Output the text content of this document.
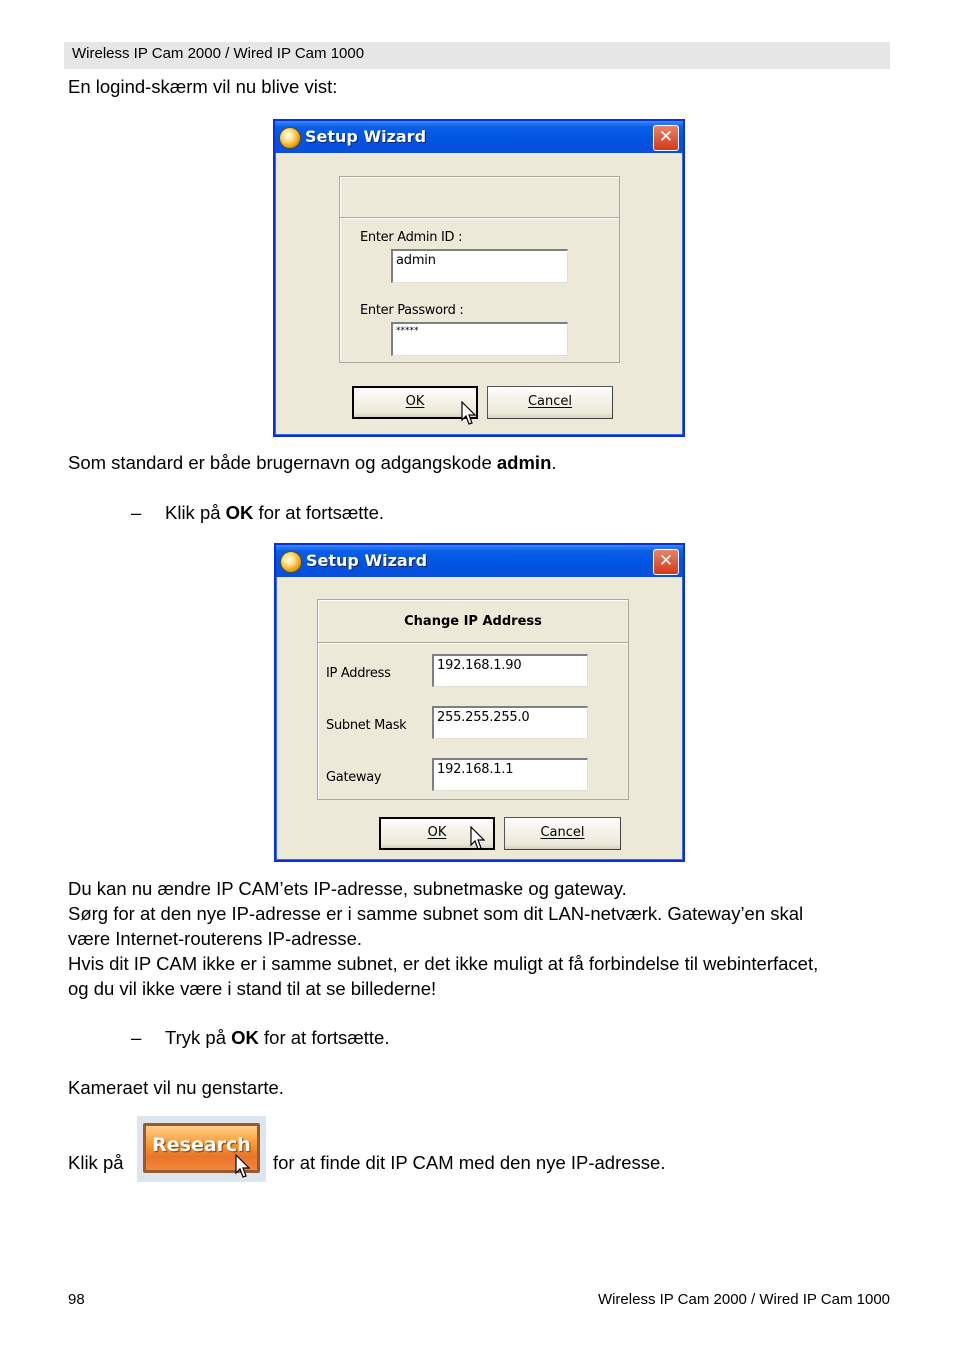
Wireless IP Cam 2000 / Wired IP Cam 1000
En logind-skærm vil nu blive vist:
Setup Wizard	✕
Enter Admin ID :
admin
Enter Password :
*****
OK	Cancel
Som standard er både brugernavn og adgangskode admin.
– Klik på OK for at fortsætte.
Setup Wizard	✕
Change IP Address
IP Address
192.168.1.90
Subnet Mask
255.255.255.0
Gateway
192.168.1.1
OK	Cancel
Du kan nu ændre IP CAM’ets IP-adresse, subnetmaske og gateway.
Sørg for at den nye IP-adresse er i samme subnet som dit LAN-netværk. Gateway’en skal
være Internet-routerens IP-adresse.
Hvis dit IP CAM ikke er i samme subnet, er det ikke muligt at få forbindelse til webinterfacet,
og du vil ikke være i stand til at se billederne!
– Tryk på OK for at fortsætte.
Kameraet vil nu genstarte.
Klik på
Research
for at finde dit IP CAM med den nye IP-adresse.
98	Wireless IP Cam 2000 / Wired IP Cam 1000
